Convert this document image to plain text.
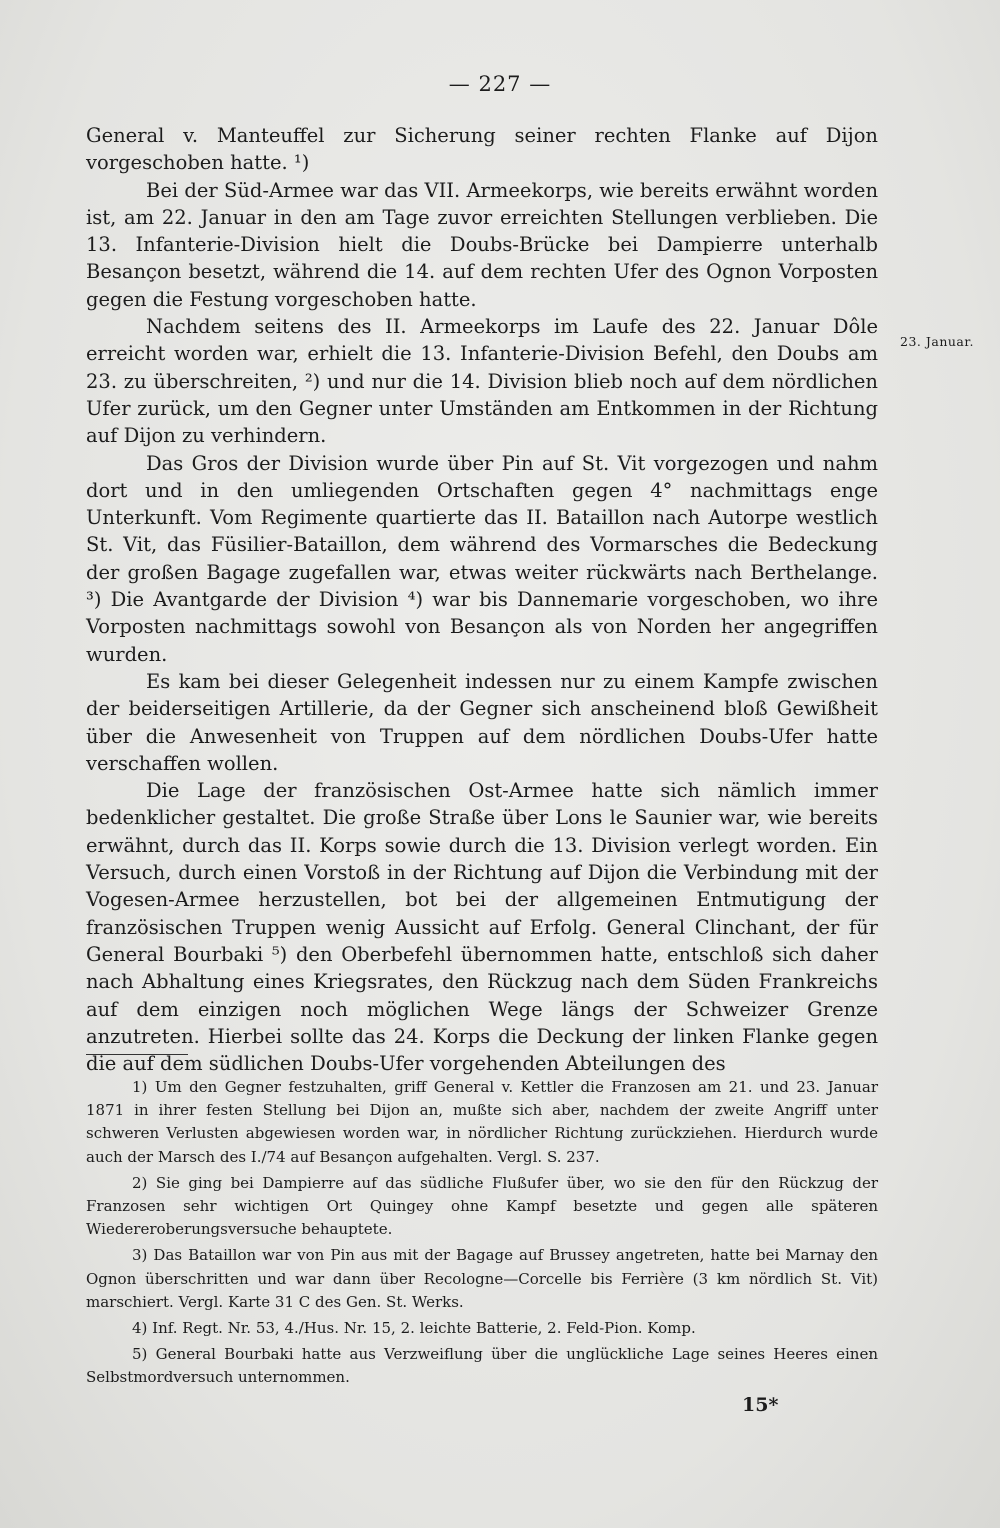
— 227 —

General v. Manteuffel zur Sicherung seiner rechten Flanke auf Dijon vorgeschoben hatte. ¹)

Bei der Süd-Armee war das VII. Armeekorps, wie bereits erwähnt worden ist, am 22. Januar in den am Tage zuvor erreichten Stellungen verblieben. Die 13. Infanterie-Division hielt die Doubs-Brücke bei Dampierre unterhalb Besançon besetzt, während die 14. auf dem rechten Ufer des Ognon Vorposten gegen die Festung vorgeschoben hatte.

Nachdem seitens des II. Armeekorps im Laufe des 22. Januar Dôle erreicht worden war, erhielt die 13. Infanterie-Division Befehl, den Doubs am 23. zu überschreiten, ²) und nur die 14. Division blieb noch auf dem nördlichen Ufer zurück, um den Gegner unter Umständen am Entkommen in der Richtung auf Dijon zu verhindern.

Das Gros der Division wurde über Pin auf St. Vit vorgezogen und nahm dort und in den umliegenden Ortschaften gegen 4° nachmittags enge Unterkunft. Vom Regimente quartierte das II. Bataillon nach Autorpe westlich St. Vit, das Füsilier-Bataillon, dem während des Vormarsches die Bedeckung der großen Bagage zugefallen war, etwas weiter rückwärts nach Berthelange. ³) Die Avantgarde der Division ⁴) war bis Dannemarie vorgeschoben, wo ihre Vorposten nachmittags sowohl von Besançon als von Norden her angegriffen wurden.

Es kam bei dieser Gelegenheit indessen nur zu einem Kampfe zwischen der beiderseitigen Artillerie, da der Gegner sich anscheinend bloß Gewißheit über die Anwesenheit von Truppen auf dem nördlichen Doubs-Ufer hatte verschaffen wollen.

Die Lage der französischen Ost-Armee hatte sich nämlich immer bedenklicher gestaltet. Die große Straße über Lons le Saunier war, wie bereits erwähnt, durch das II. Korps sowie durch die 13. Division verlegt worden. Ein Versuch, durch einen Vorstoß in der Richtung auf Dijon die Verbindung mit der Vogesen-Armee herzustellen, bot bei der allgemeinen Entmutigung der französischen Truppen wenig Aussicht auf Erfolg. General Clinchant, der für General Bourbaki ⁵) den Oberbefehl übernommen hatte, entschloß sich daher nach Abhaltung eines Kriegsrates, den Rückzug nach dem Süden Frankreichs auf dem einzigen noch möglichen Wege längs der Schweizer Grenze anzutreten. Hierbei sollte das 24. Korps die Deckung der linken Flanke gegen die auf dem südlichen Doubs-Ufer vorgehenden Abteilungen des

23. Januar.

1) Um den Gegner festzuhalten, griff General v. Kettler die Franzosen am 21. und 23. Januar 1871 in ihrer festen Stellung bei Dijon an, mußte sich aber, nachdem der zweite Angriff unter schweren Verlusten abgewiesen worden war, in nördlicher Richtung zurückziehen. Hierdurch wurde auch der Marsch des I./74 auf Besançon aufgehalten. Vergl. S. 237.

2) Sie ging bei Dampierre auf das südliche Flußufer über, wo sie den für den Rückzug der Franzosen sehr wichtigen Ort Quingey ohne Kampf besetzte und gegen alle späteren Wiedereroberungsversuche behauptete.

3) Das Bataillon war von Pin aus mit der Bagage auf Brussey angetreten, hatte bei Marnay den Ognon überschritten und war dann über Recologne—Corcelle bis Ferrière (3 km nördlich St. Vit) marschiert. Vergl. Karte 31 C des Gen. St. Werks.

4) Inf. Regt. Nr. 53, 4./Hus. Nr. 15, 2. leichte Batterie, 2. Feld-Pion. Komp.

5) General Bourbaki hatte aus Verzweiflung über die unglückliche Lage seines Heeres einen Selbstmordversuch unternommen.

15*
